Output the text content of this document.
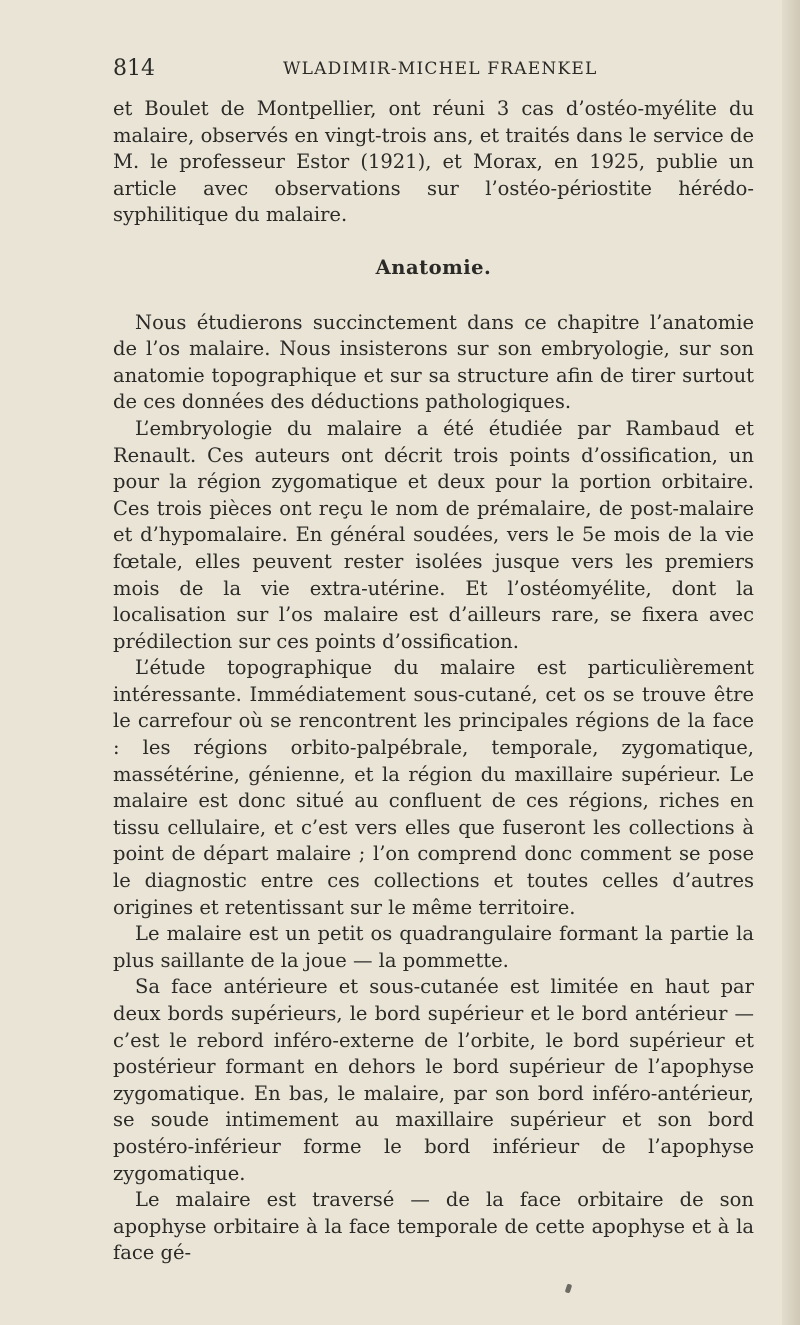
814	WLADIMIR-MICHEL FRAENKEL

et Boulet de Montpellier, ont réuni 3 cas d’ostéo-myélite du malaire, observés en vingt-trois ans, et traités dans le service de M. le professeur Estor (1921), et Morax, en 1925, publie un article avec observations sur l’ostéo-périostite hérédo-syphilitique du malaire.

Anatomie.

Nous étudierons succinctement dans ce chapitre l’anatomie de l’os malaire. Nous insisterons sur son embryologie, sur son anatomie topographique et sur sa structure afin de tirer surtout de ces données des déductions pathologiques.

L’embryologie du malaire a été étudiée par Rambaud et Renault. Ces auteurs ont décrit trois points d’ossification, un pour la région zygomatique et deux pour la portion orbitaire. Ces trois pièces ont reçu le nom de prémalaire, de post-malaire et d’hypomalaire. En général soudées, vers le 5e mois de la vie fœtale, elles peuvent rester isolées jusque vers les premiers mois de la vie extra-utérine. Et l’ostéomyélite, dont la localisation sur l’os malaire est d’ailleurs rare, se fixera avec prédilection sur ces points d’ossification.

L’étude topographique du malaire est particulièrement intéressante. Immédiatement sous-cutané, cet os se trouve être le carrefour où se rencontrent les principales régions de la face : les régions orbito-palpébrale, temporale, zygomatique, massétérine, génienne, et la région du maxillaire supérieur. Le malaire est donc situé au confluent de ces régions, riches en tissu cellulaire, et c’est vers elles que fuseront les collections à point de départ malaire ; l’on comprend donc comment se pose le diagnostic entre ces collections et toutes celles d’autres origines et retentissant sur le même territoire.

Le malaire est un petit os quadrangulaire formant la partie la plus saillante de la joue — la pommette.

Sa face antérieure et sous-cutanée est limitée en haut par deux bords supérieurs, le bord supérieur et le bord antérieur — c’est le rebord inféro-externe de l’orbite, le bord supérieur et postérieur formant en dehors le bord supérieur de l’apophyse zygomatique. En bas, le malaire, par son bord inféro-antérieur, se soude intimement au maxillaire supérieur et son bord postéro-inférieur forme le bord inférieur de l’apophyse zygomatique.

Le malaire est traversé — de la face orbitaire de son apophyse orbitaire à la face temporale de cette apophyse et à la face gé-
